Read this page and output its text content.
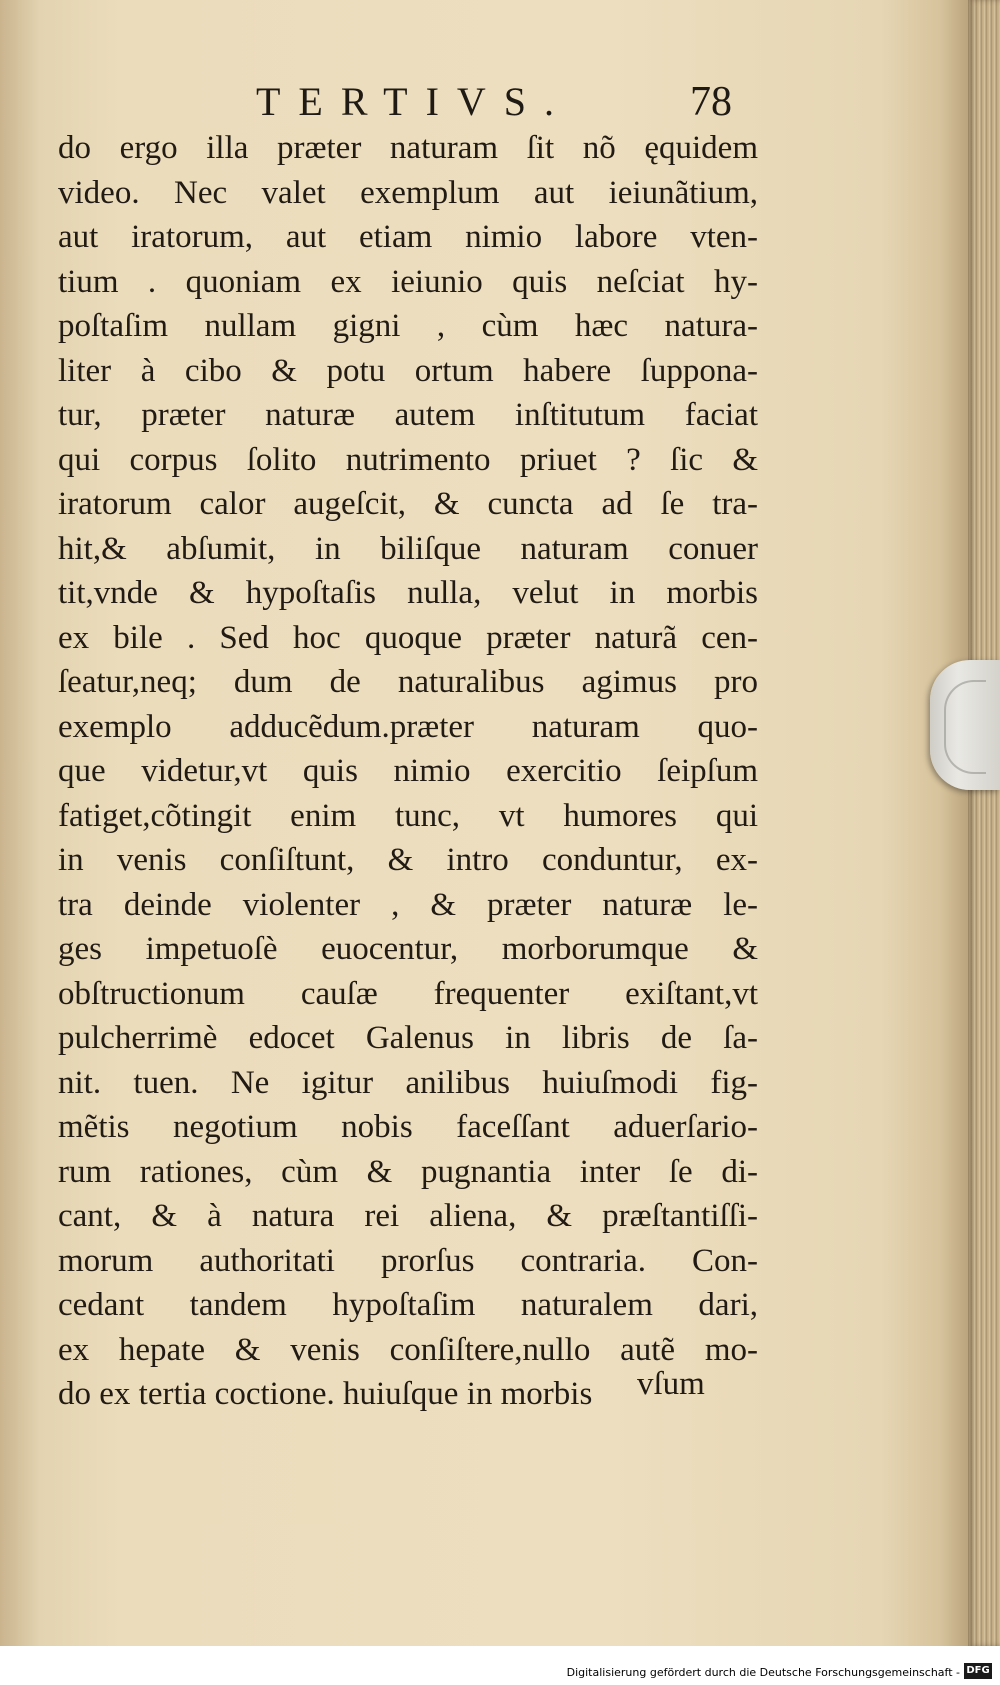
TERTIVS.	78
do ergo illa præter naturam ſit nõ ęquidem
video. Nec valet exemplum aut ieiunãtium,
aut iratorum, aut etiam nimio labore vten-
tium . quoniam ex ieiunio quis neſciat hy-
poſtaſim nullam gigni , cùm hæc natura-
liter à cibo & potu ortum habere ſuppona-
tur, præter naturæ autem inſtitutum faciat
qui corpus ſolito nutrimento priuet ? ſic &
iratorum calor augeſcit, & cuncta ad ſe tra-
hit,& abſumit, in biliſque naturam conuer
tit,vnde & hypoſtaſis nulla, velut in morbis
ex bile . Sed hoc quoque præter naturã cen-
ſeatur,neq; dum de naturalibus agimus pro
exemplo adducẽdum.præter naturam quo-
que videtur,vt quis nimio exercitio ſeipſum
fatiget,cõtingit enim tunc, vt humores qui
in venis conſiſtunt, & intro conduntur, ex-
tra deinde violenter , & præter naturæ le-
ges impetuoſè euocentur, morborumque &
obſtructionum cauſæ frequenter exiſtant,vt
pulcherrimè edocet Galenus in libris de ſa-
nit. tuen. Ne igitur anilibus huiuſmodi fig-
mẽtis negotium nobis faceſſant aduerſario-
rum rationes, cùm & pugnantia inter ſe di-
cant, & à natura rei aliena, & præſtantiſſi-
morum authoritati prorſus contraria. Con-
cedant tandem hypoſtaſim naturalem dari,
ex hepate & venis conſiſtere,nullo autẽ mo-
do ex tertia coctione. huiuſque in morbis	vſum
Digitalisierung gefördert durch die Deutsche Forschungsgemeinschaft - DFG
